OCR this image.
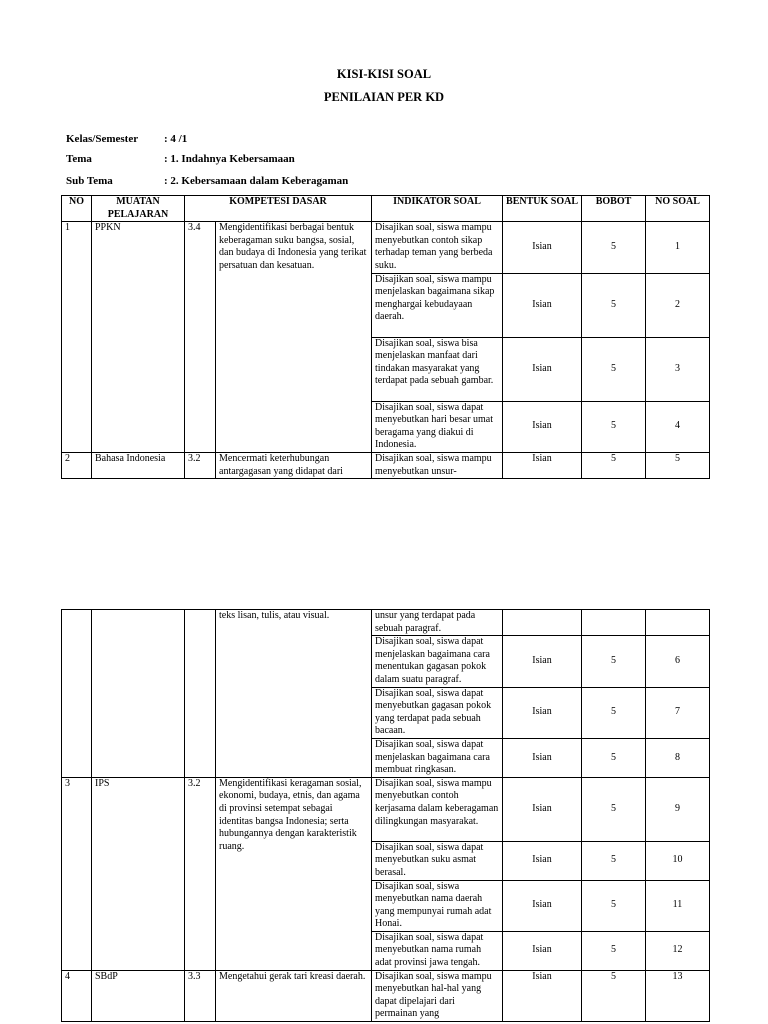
KISI-KISI SOAL
PENILAIAN PER KD
Kelas/Semester : 4 /1
Tema	: 1. Indahnya Kebersamaan
Sub Tema	: 2. Kebersamaan dalam Keberagaman
NO	MUATAN PELAJARAN	KOMPETESI DASAR		INDIKATOR SOAL	BENTUK SOAL	BOBOT	NO SOAL
1	PPKN	3.4	Mengidentifikasi berbagai bentuk keberagaman suku bangsa, sosial, dan budaya di Indonesia yang terikat persatuan dan kesatuan.	Disajikan soal, siswa mampu menyebutkan contoh sikap terhadap teman yang berbeda suku.	Isian	5	1
				Disajikan soal, siswa mampu menjelaskan bagaimana sikap menghargai kebudayaan daerah.	Isian	5	2
				Disajikan soal, siswa bisa menjelaskan manfaat dari tindakan masyarakat yang terdapat pada sebuah gambar.	Isian	5	3
				Disajikan soal, siswa dapat menyebutkan hari besar umat beragama yang diakui di Indonesia.	Isian	5	4
2	Bahasa Indonesia	3.2	Mencermati keterhubungan antargagasan yang didapat dari	Disajikan soal, siswa mampu menyebutkan unsur-	Isian	5	5
			teks lisan, tulis, atau visual.	unsur yang terdapat pada sebuah paragraf.			
				Disajikan soal, siswa dapat menjelaskan bagaimana cara menentukan gagasan pokok dalam suatu paragraf.	Isian	5	6
				Disajikan soal, siswa dapat menyebutkan gagasan pokok yang terdapat pada sebuah bacaan.	Isian	5	7
				Disajikan soal, siswa dapat menjelaskan bagaimana cara membuat ringkasan.	Isian	5	8
3	IPS	3.2	Mengidentifikasi keragaman sosial, ekonomi, budaya, etnis, dan agama di provinsi setempat sebagai identitas bangsa Indonesia; serta hubungannya dengan karakteristik ruang.	Disajikan soal, siswa mampu menyebutkan contoh kerjasama dalam keberagaman dilingkungan masyarakat.	Isian	5	9
				Disajikan soal, siswa dapat menyebutkan suku asmat berasal.	Isian	5	10
				Disajikan soal, siswa menyebutkan nama daerah yang mempunyai rumah adat Honai.	Isian	5	11
				Disajikan soal, siswa dapat menyebutkan nama rumah adat provinsi jawa tengah.	Isian	5	12
4	SBdP	3.3	Mengetahui gerak tari kreasi daerah.	Disajikan soal, siswa mampu menyebutkan hal-hal yang dapat dipelajari dari permainan yang	Isian	5	13
